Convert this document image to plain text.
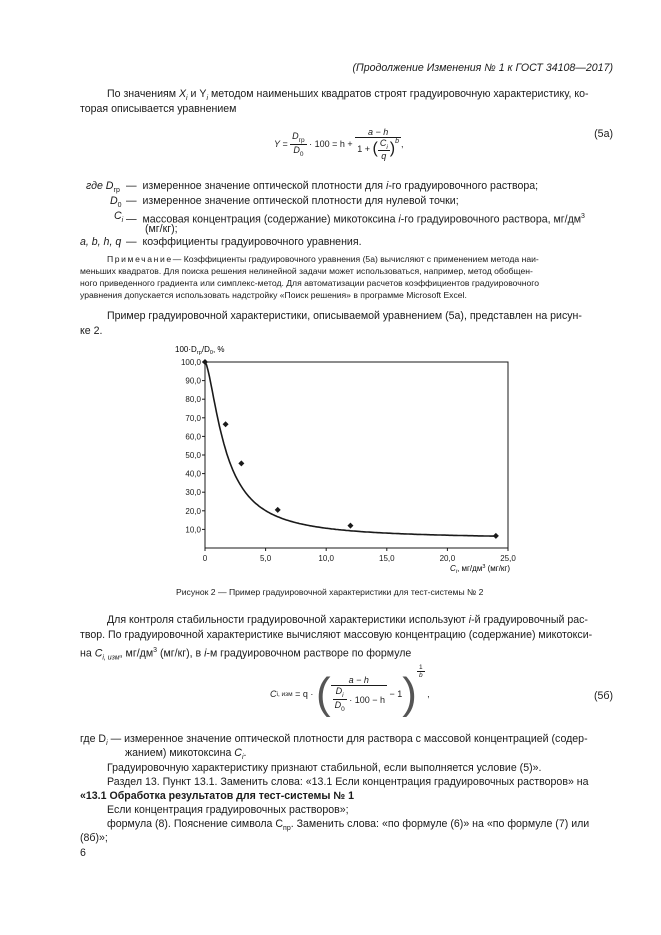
(Продолжение Изменения № 1 к ГОСТ 34108—2017)
По значениям $X_i$ и $Y_i$ методом наименьших квадратов строят градуировочную характеристику, ко-
торая описывается уравнением
Y =
$\frac{D_{гр}}{D_0}$
· 100 = h +
a − h
1 +
( $\frac{C_i}{q} )^b$ ,
(5а)
где $D_{гр}$ — измеренное значение оптической плотности для i-го градуировочного раствора;
$D_0$ — измеренное значение оптической плотности для нулевой точки;
$C_i$ — массовая концентрация (содержание) микотоксина i-го градуировочного раствора, $мг/дм^3$
(мг/кг);
a, b, h, q — коэффициенты градуировочного уравнения.
Примечание— Коэффициенты градуировочного уравнения (5а) вычисляют с применением метода наи-
меньших квадратов. Для поиска решения нелинейной задачи может использоваться, например, метод обобщен-
ного приведенного градиента или симплекс-метод. Для автоматизации расчетов коэффициентов градуировочного
уравнения допускается использовать надстройку «Поиск решения» в программе Microsoft Excel.
Пример градуировочной характеристики, описываемой уравнением (5а), представлен на рисун-
ке 2.
$100\cdot D_{гр}/D_0$, %
10,0
20,0
30,0
40,0
50,0
60,0
70,0
80,0
90,0
100,0
0	5,0	10,0	15,0	20,0	25,0
$C_i$, $мг/дм^3$ (мг/кг)
Рисунок 2 — Пример градуировочной характеристики для тест-системы № 2
Для контроля стабильности градуировочной характеристики используют i-й градуировочный рас-
твор. По градуировочной характеристике вычисляют массовую концентрацию (содержание) микотокси-
на $C_{i, изм}$, $мг/дм^3$ (мг/кг), в i-м градуировочном растворе по формуле
C i, изм
= q ·
( a − h
$\frac{D_i}{D_0}$
· 100 − h
− 1 ) $\frac{1}{b}$

,	(5б)
где $D_i$ — измеренное значение оптической плотности для раствора с массовой концентрацией (содер-
жанием) микотоксина $C_i$.
Градуировочную характеристику признают стабильной, если выполняется условие (5)».
Раздел 13. Пункт 13.1. Заменить слова: «13.1 Если концентрация градуировочных растворов» на
«13.1 Обработка результатов для тест-системы № 1
Если концентрация градуировочных растворов»;
формула (8). Пояснение символа $C_{пр}$. Заменить слова: «по формуле (6)» на «по формуле (7) или
(8б)»;
6
